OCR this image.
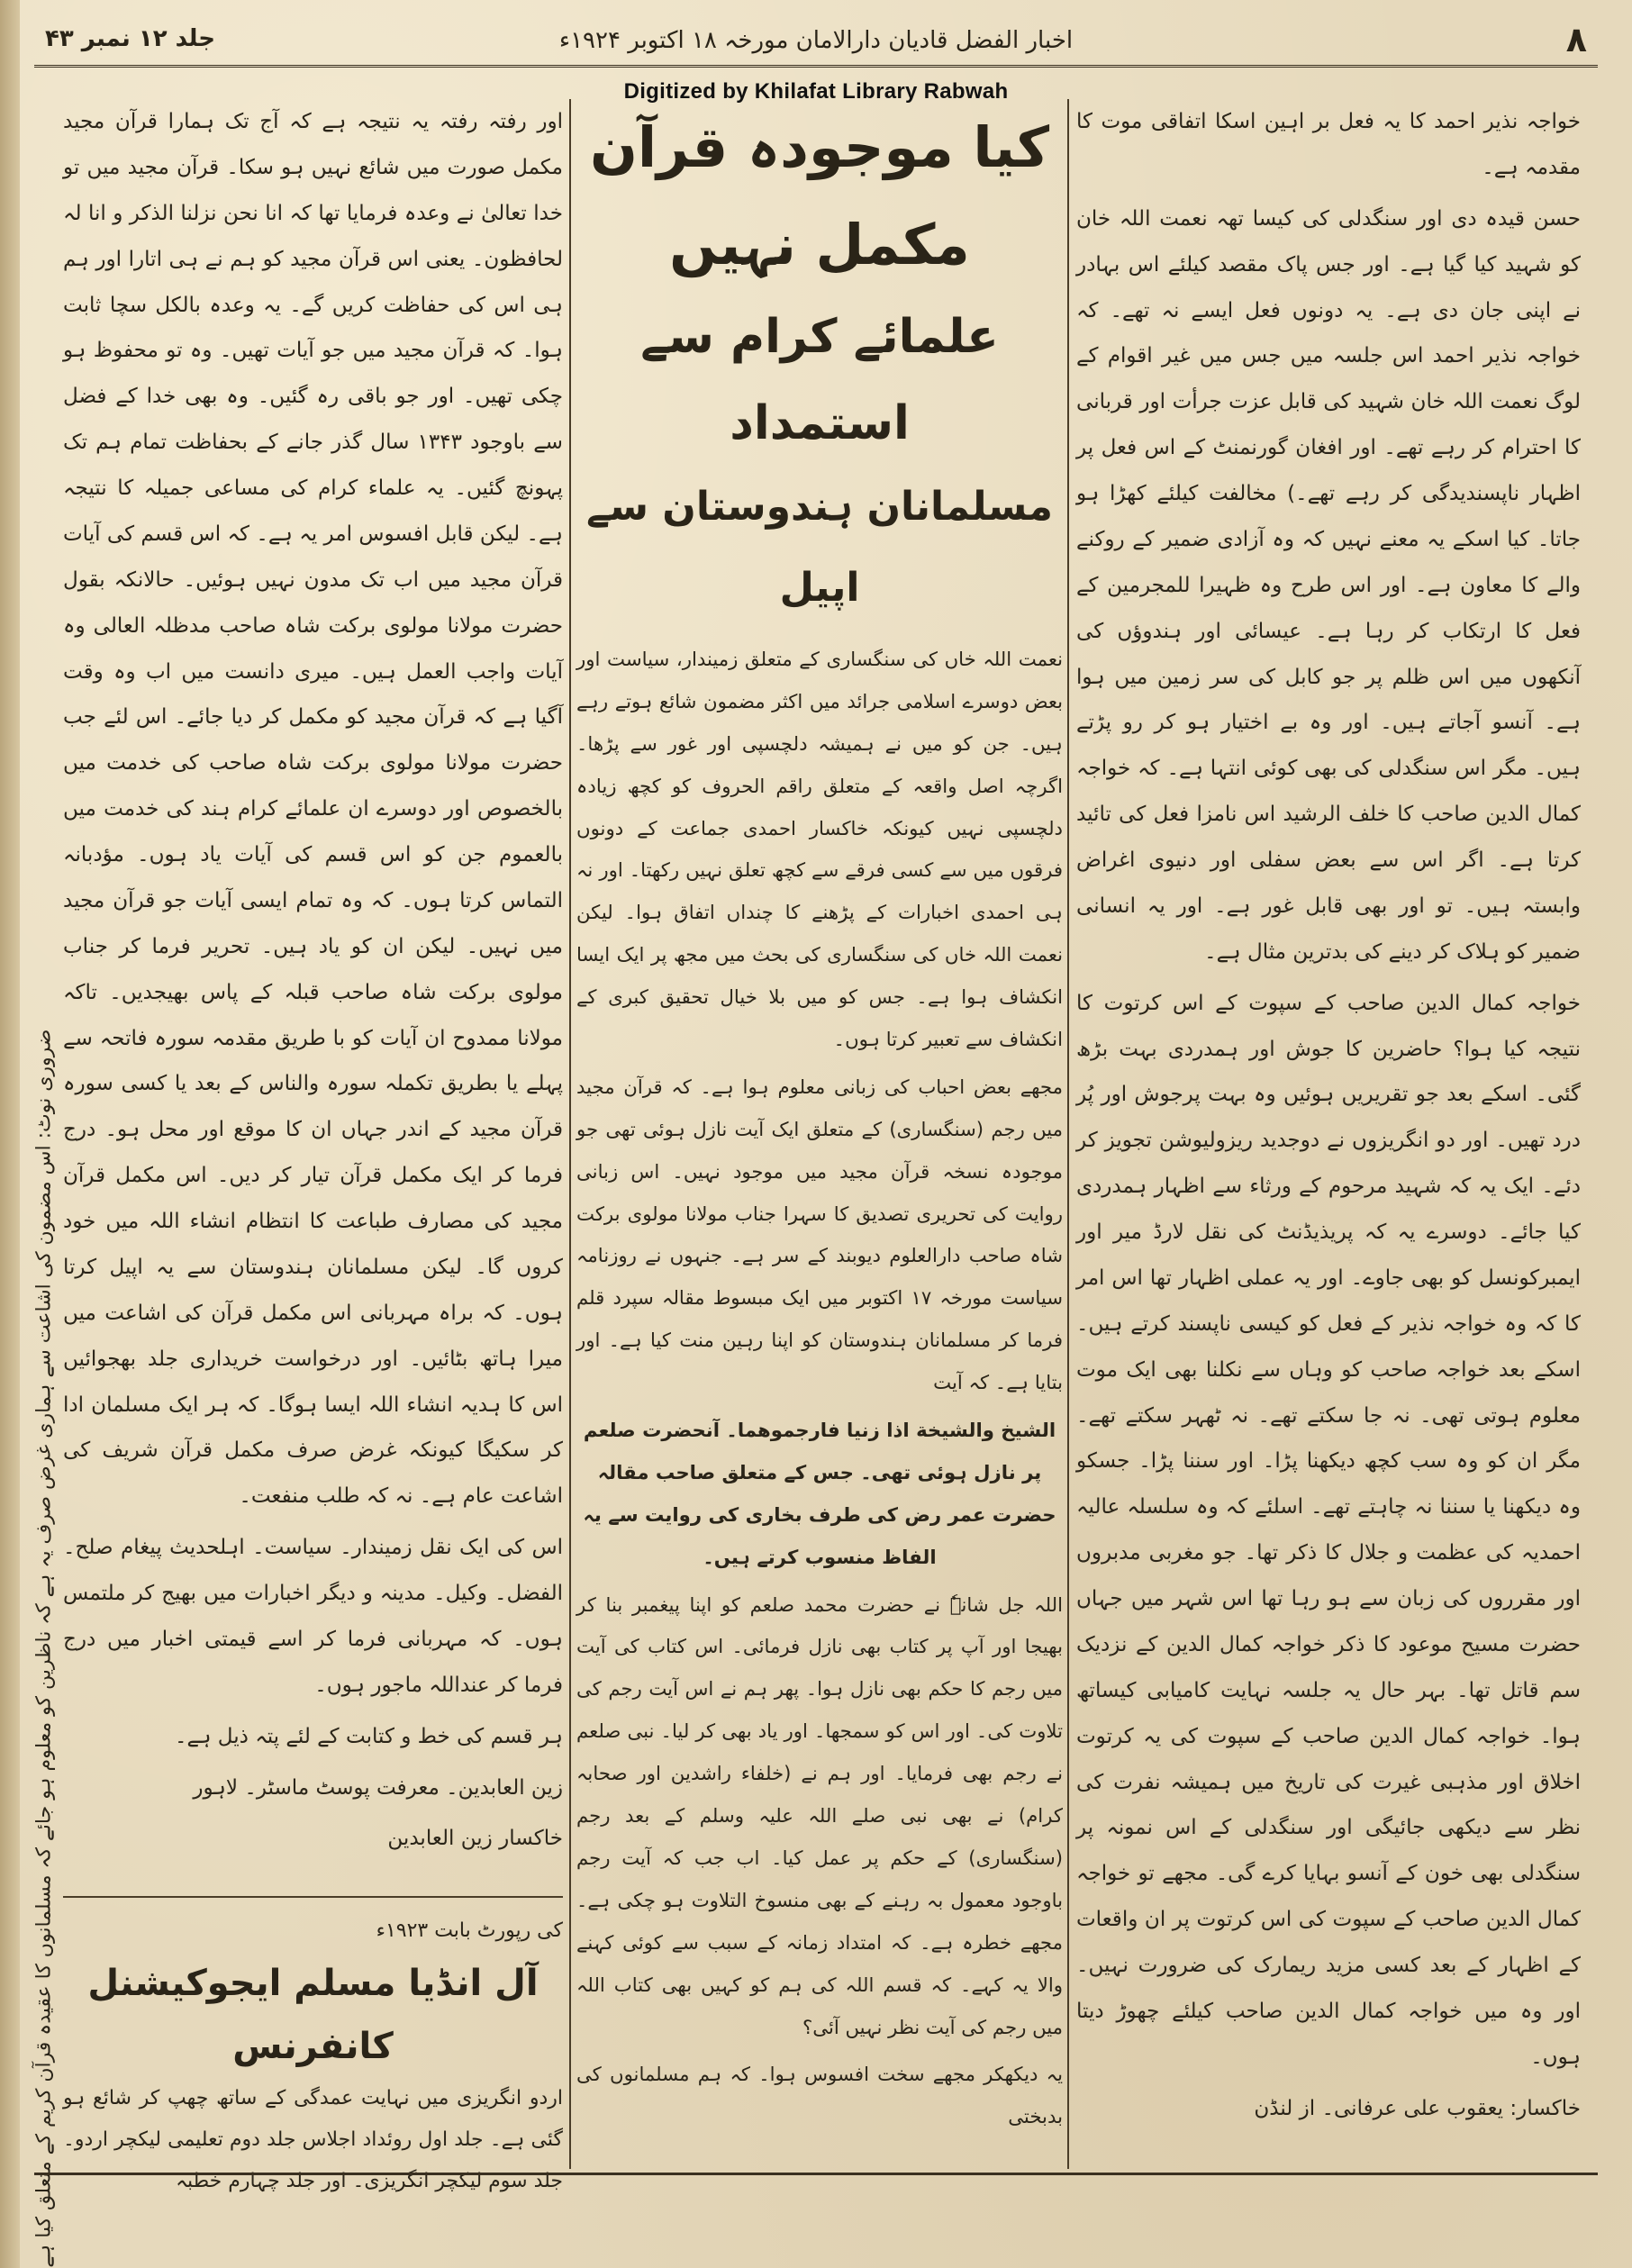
۸
اخبار الفضل قادیان دارالامان مورخہ ۱۸ اکتوبر ۱۹۲۴ء
جلد ۱۲ نمبر ۴۳
Digitized by Khilafat Library Rabwah

خواجہ نذیر احمد کا یہ فعل بر اہین اسکا اتفاقی موت کا مقدمہ ہے۔

حسن قیدہ دی اور سنگدلی کی کیسا تھہ نعمت اللہ خان کو شہید کیا گیا ہے۔ اور جس پاک مقصد کیلئے اس بہادر نے اپنی جان دی ہے۔ یہ دونوں فعل ایسے نہ تھے۔ کہ خواجہ نذیر احمد اس جلسہ میں جس میں غیر اقوام کے لوگ نعمت اللہ خان شہید کی قابل عزت جرأت اور قربانی کا احترام کر رہے تھے۔ اور افغان گورنمنٹ کے اس فعل پر اظہار ناپسندیدگی کر رہے تھے۔) مخالفت کیلئے کھڑا ہو جاتا۔ کیا اسکے یہ معنے نہیں کہ وہ آزادی ضمیر کے روکنے والے کا معاون ہے۔ اور اس طرح وہ ظہیرا للمجرمین کے فعل کا ارتکاب کر رہا ہے۔ عیسائی اور ہندوؤں کی آنکھوں میں اس ظلم پر جو کابل کی سر زمین میں ہوا ہے۔ آنسو آجاتے ہیں۔ اور وہ بے اختیار ہو کر رو پڑتے ہیں۔ مگر اس سنگدلی کی بھی کوئی انتہا ہے۔ کہ خواجہ کمال الدین صاحب کا خلف الرشید اس نامزا فعل کی تائید کرتا ہے۔ اگر اس سے بعض سفلی اور دنیوی اغراض وابستہ ہیں۔ تو اور بھی قابل غور ہے۔ اور یہ انسانی ضمیر کو ہلاک کر دینے کی بدترین مثال ہے۔

خواجہ کمال الدین صاحب کے سپوت کے اس کرتوت کا نتیجہ کیا ہوا؟ حاضرین کا جوش اور ہمدردی بہت بڑھ گئی۔ اسکے بعد جو تقریریں ہوئیں وہ بہت پرجوش اور پُر درد تھیں۔ اور دو انگریزوں نے دوجدید ریزولیوشن تجویز کر دئے۔ ایک یہ کہ شہید مرحوم کے ورثاء سے اظہار ہمدردی کیا جائے۔ دوسرے یہ کہ پریذیڈنٹ کی نقل لارڈ میر اور ایمبرکونسل کو بھی جاوے۔ اور یہ عملی اظہار تھا اس امر کا کہ وہ خواجہ نذیر کے فعل کو کیسی ناپسند کرتے ہیں۔ اسکے بعد خواجہ صاحب کو وہاں سے نکلنا بھی ایک موت معلوم ہوتی تھی۔ نہ جا سکتے تھے۔ نہ ٹھہر سکتے تھے۔ مگر ان کو وہ سب کچھ دیکھنا پڑا۔ اور سننا پڑا۔ جسکو وہ دیکھنا یا سننا نہ چاہتے تھے۔ اسلئے کہ وہ سلسلہ عالیہ احمدیہ کی عظمت و جلال کا ذکر تھا۔ جو مغربی مدبروں اور مقرروں کی زبان سے ہو رہا تھا اس شہر میں جہاں حضرت مسیح موعود کا ذکر خواجہ کمال الدین کے نزدیک سم قاتل تھا۔ بہر حال یہ جلسہ نہایت کامیابی کیساتھ ہوا۔ خواجہ کمال الدین صاحب کے سپوت کی یہ کرتوت اخلاق اور مذہبی غیرت کی تاریخ میں ہمیشہ نفرت کی نظر سے دیکھی جائیگی اور سنگدلی کے اس نمونہ پر سنگدلی بھی خون کے آنسو بہایا کرے گی۔ مجھے تو خواجہ کمال الدین صاحب کے سپوت کی اس کرتوت پر ان واقعات کے اظہار کے بعد کسی مزید ریمارک کی ضرورت نہیں۔ اور وہ میں خواجہ کمال الدین صاحب کیلئے چھوڑ دیتا ہوں۔

خاکسار: یعقوب علی عرفانی۔ از لنڈن

کیا موجودہ قرآن مکمل نہیں
علمائے کرام سے استمداد
مسلمانان ہندوستان سے اپیل

نعمت اللہ خاں کی سنگساری کے متعلق زمیندار، سیاست اور بعض دوسرے اسلامی جرائد میں اکثر مضمون شائع ہوتے رہے ہیں۔ جن کو میں نے ہمیشہ دلچسپی اور غور سے پڑھا۔ اگرچہ اصل واقعہ کے متعلق راقم الحروف کو کچھ زیادہ دلچسپی نہیں کیونکہ خاکسار احمدی جماعت کے دونوں فرقوں میں سے کسی فرقے سے کچھ تعلق نہیں رکھتا۔ اور نہ ہی احمدی اخبارات کے پڑھنے کا چنداں اتفاق ہوا۔ لیکن نعمت اللہ خاں کی سنگساری کی بحث میں مجھ پر ایک ایسا انکشاف ہوا ہے۔ جس کو میں بلا خیال تحقیق کبری کے انکشاف سے تعبیر کرتا ہوں۔

مجھے بعض احباب کی زبانی معلوم ہوا ہے۔ کہ قرآن مجید میں رجم (سنگساری) کے متعلق ایک آیت نازل ہوئی تھی جو موجودہ نسخہ قرآن مجید میں موجود نہیں۔ اس زبانی روایت کی تحریری تصدیق کا سہرا جناب مولانا مولوی برکت شاہ صاحب دارالعلوم دیوبند کے سر ہے۔ جنہوں نے روزنامہ سیاست مورخہ ۱۷ اکتوبر میں ایک مبسوط مقالہ سپرد قلم فرما کر مسلمانان ہندوستان کو اپنا رہین منت کیا ہے۔ اور بتایا ہے۔ کہ آیت

الشیخ والشیخة اذا زنیا فارجموھما۔ آنحضرت صلعم پر نازل ہوئی تھی۔ جس کے متعلق صاحب مقالہ حضرت عمر رض کی طرف بخاری کی روایت سے یہ الفاظ منسوب کرتے ہیں۔

اللہ جل شانہٗ نے حضرت محمد صلعم کو اپنا پیغمبر بنا کر بھیجا اور آپ پر کتاب بھی نازل فرمائی۔ اس کتاب کی آیت میں رجم کا حکم بھی نازل ہوا۔ پھر ہم نے اس آیت رجم کی تلاوت کی۔ اور اس کو سمجھا۔ اور یاد بھی کر لیا۔ نبی صلعم نے رجم بھی فرمایا۔ اور ہم نے (خلفاء راشدین اور صحابہ کرام) نے بھی نبی صلے اللہ علیہ وسلم کے بعد رجم (سنگساری) کے حکم پر عمل کیا۔ اب جب کہ آیت رجم باوجود معمول بہ رہنے کے بھی منسوخ التلاوت ہو چکی ہے۔ مجھے خطرہ ہے۔ کہ امتداد زمانہ کے سبب سے کوئی کہنے والا یہ کہے۔ کہ قسم اللہ کی ہم کو کہیں بھی کتاب اللہ میں رجم کی آیت نظر نہیں آئی؟

یہ دیکھکر مجھے سخت افسوس ہوا۔ کہ ہم مسلمانوں کی بدبختی

اور رفتہ رفتہ یہ نتیجہ ہے کہ آج تک ہمارا قرآن مجید مکمل صورت میں شائع نہیں ہو سکا۔ قرآن مجید میں تو خدا تعالیٰ نے وعدہ فرمایا تھا کہ انا نحن نزلنا الذکر و انا لہ لحافظون۔ یعنی اس قرآن مجید کو ہم نے ہی اتارا اور ہم ہی اس کی حفاظت کریں گے۔ یہ وعدہ بالکل سچا ثابت ہوا۔ کہ قرآن مجید میں جو آیات تھیں۔ وہ تو محفوظ ہو چکی تھیں۔ اور جو باقی رہ گئیں۔ وہ بھی خدا کے فضل سے باوجود ۱۳۴۳ سال گذر جانے کے بحفاظت تمام ہم تک پہونچ گئیں۔ یہ علماء کرام کی مساعی جمیلہ کا نتیجہ ہے۔ لیکن قابل افسوس امر یہ ہے۔ کہ اس قسم کی آیات قرآن مجید میں اب تک مدون نہیں ہوئیں۔ حالانکہ بقول حضرت مولانا مولوی برکت شاہ صاحب مدظلہ العالی وہ آیات واجب العمل ہیں۔ میری دانست میں اب وہ وقت آگیا ہے کہ قرآن مجید کو مکمل کر دیا جائے۔ اس لئے جب حضرت مولانا مولوی برکت شاہ صاحب کی خدمت میں بالخصوص اور دوسرے ان علمائے کرام ہند کی خدمت میں بالعموم جن کو اس قسم کی آیات یاد ہوں۔ مؤدبانہ التماس کرتا ہوں۔ کہ وہ تمام ایسی آیات جو قرآن مجید میں نہیں۔ لیکن ان کو یاد ہیں۔ تحریر فرما کر جناب مولوی برکت شاہ صاحب قبلہ کے پاس بھیجدیں۔ تاکہ مولانا ممدوح ان آیات کو با طریق مقدمہ سورہ فاتحہ سے پہلے یا بطریق تکملہ سورہ والناس کے بعد یا کسی سورہ قرآن مجید کے اندر جہاں ان کا موقع اور محل ہو۔ درج فرما کر ایک مکمل قرآن تیار کر دیں۔ اس مکمل قرآن مجید کی مصارف طباعت کا انتظام انشاء اللہ میں خود کروں گا۔ لیکن مسلمانان ہندوستان سے یہ اپیل کرتا ہوں۔ کہ براہ مہربانی اس مکمل قرآن کی اشاعت میں میرا ہاتھ بٹائیں۔ اور درخواست خریداری جلد بھجوائیں اس کا ہدیہ انشاء اللہ ایسا ہوگا۔ کہ ہر ایک مسلمان ادا کر سکیگا کیونکہ غرض صرف مکمل قرآن شریف کی اشاعت عام ہے۔ نہ کہ طلب منفعت۔

اس کی ایک نقل زمیندار۔ سیاست۔ اہلحدیث پیغام صلح۔ الفضل۔ وکیل۔ مدینہ و دیگر اخبارات میں بھیج کر ملتمس ہوں۔ کہ مہربانی فرما کر اسے قیمتی اخبار میں درج فرما کر عنداللہ ماجور ہوں۔

ہر قسم کی خط و کتابت کے لئے پتہ ذیل ہے۔

زین العابدین۔ معرفت پوسٹ ماسٹر۔ لاہور

خاکسار زین العابدین

کی رپورٹ بابت ۱۹۲۳ء
آل انڈیا مسلم ایجوکیشنل کانفرنس
اردو انگریزی میں نہایت عمدگی کے ساتھ چھپ کر شائع ہو گئی ہے۔ جلد اول روئداد اجلاس جلد دوم تعلیمی لیکچر اردو۔ جلد سوم لیکچر انگریزی۔ اور جلد چہارم خطبہ
ضروری نوٹ: اس مضمون کی اشاعت سے ہماری غرض صرف یہ ہے کہ ناظرین کو معلوم ہو جائے کہ مسلمانوں کا عقیدہ قرآن کریم کے متعلق کیا ہے
